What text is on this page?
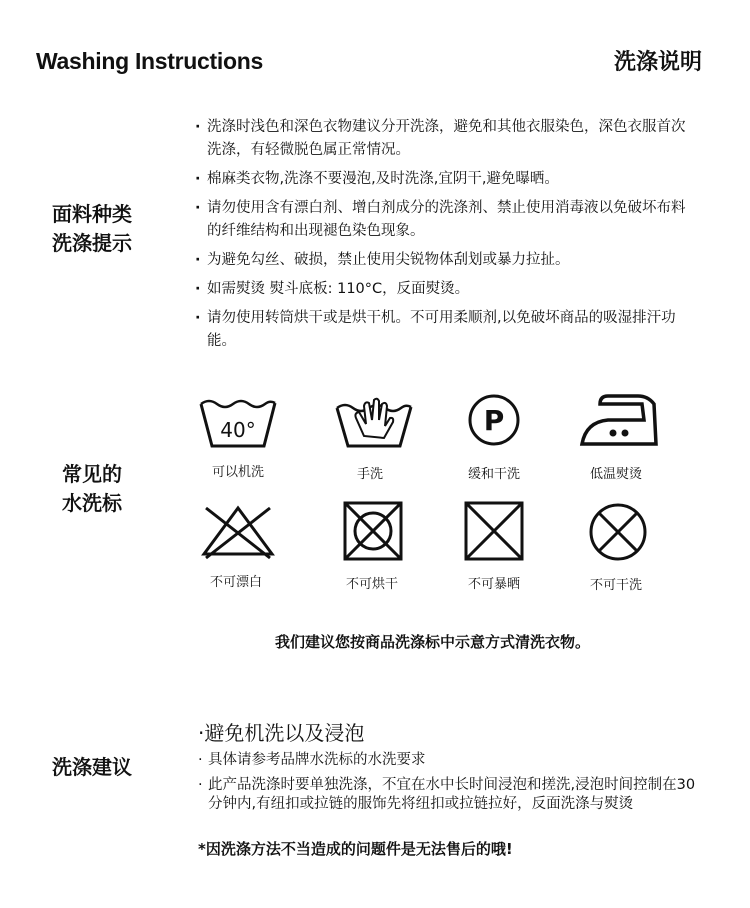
Washing Instructions	洗涤说明
面料种类
洗涤提示
· 洗涤时浅色和深色衣物建议分开洗涤，避免和其他衣服染色，深色衣服首次洗涤，有轻微脱色属正常情况。
· 棉麻类衣物,洗涤不要漫泡,及时洗涤,宜阴干,避免曝晒。
· 请勿使用含有漂白剂、增白剂成分的洗涤剂、禁止使用消毒液以免破坏布料的纤维结构和出现褪色染色现象。
· 为避免勾丝、破损，禁止使用尖锐物体刮划或暴力拉扯。
· 如需熨烫 熨斗底板: 110°C，反面熨烫。
· 请勿使用转筒烘干或是烘干机。不可用柔顺剂,以免破坏商品的吸湿排汗功能。
常见的
水洗标
40°	P
可以机洗	手洗	缓和干洗	低温熨烫
不可漂白	不可烘干	不可暴晒	不可干洗
我们建议您按商品洗涤标中示意方式清洗衣物。
洗涤建议
·避免机洗以及浸泡
· 具体请参考品牌水洗标的水洗要求
· 此产品洗涤时要单独洗涤，不宜在水中长时间浸泡和搓洗,浸泡时间控制在30分钟内,有纽扣或拉链的服饰先将纽扣或拉链拉好，反面洗涤与熨烫
*因洗涤方法不当造成的问题件是无法售后的哦!
